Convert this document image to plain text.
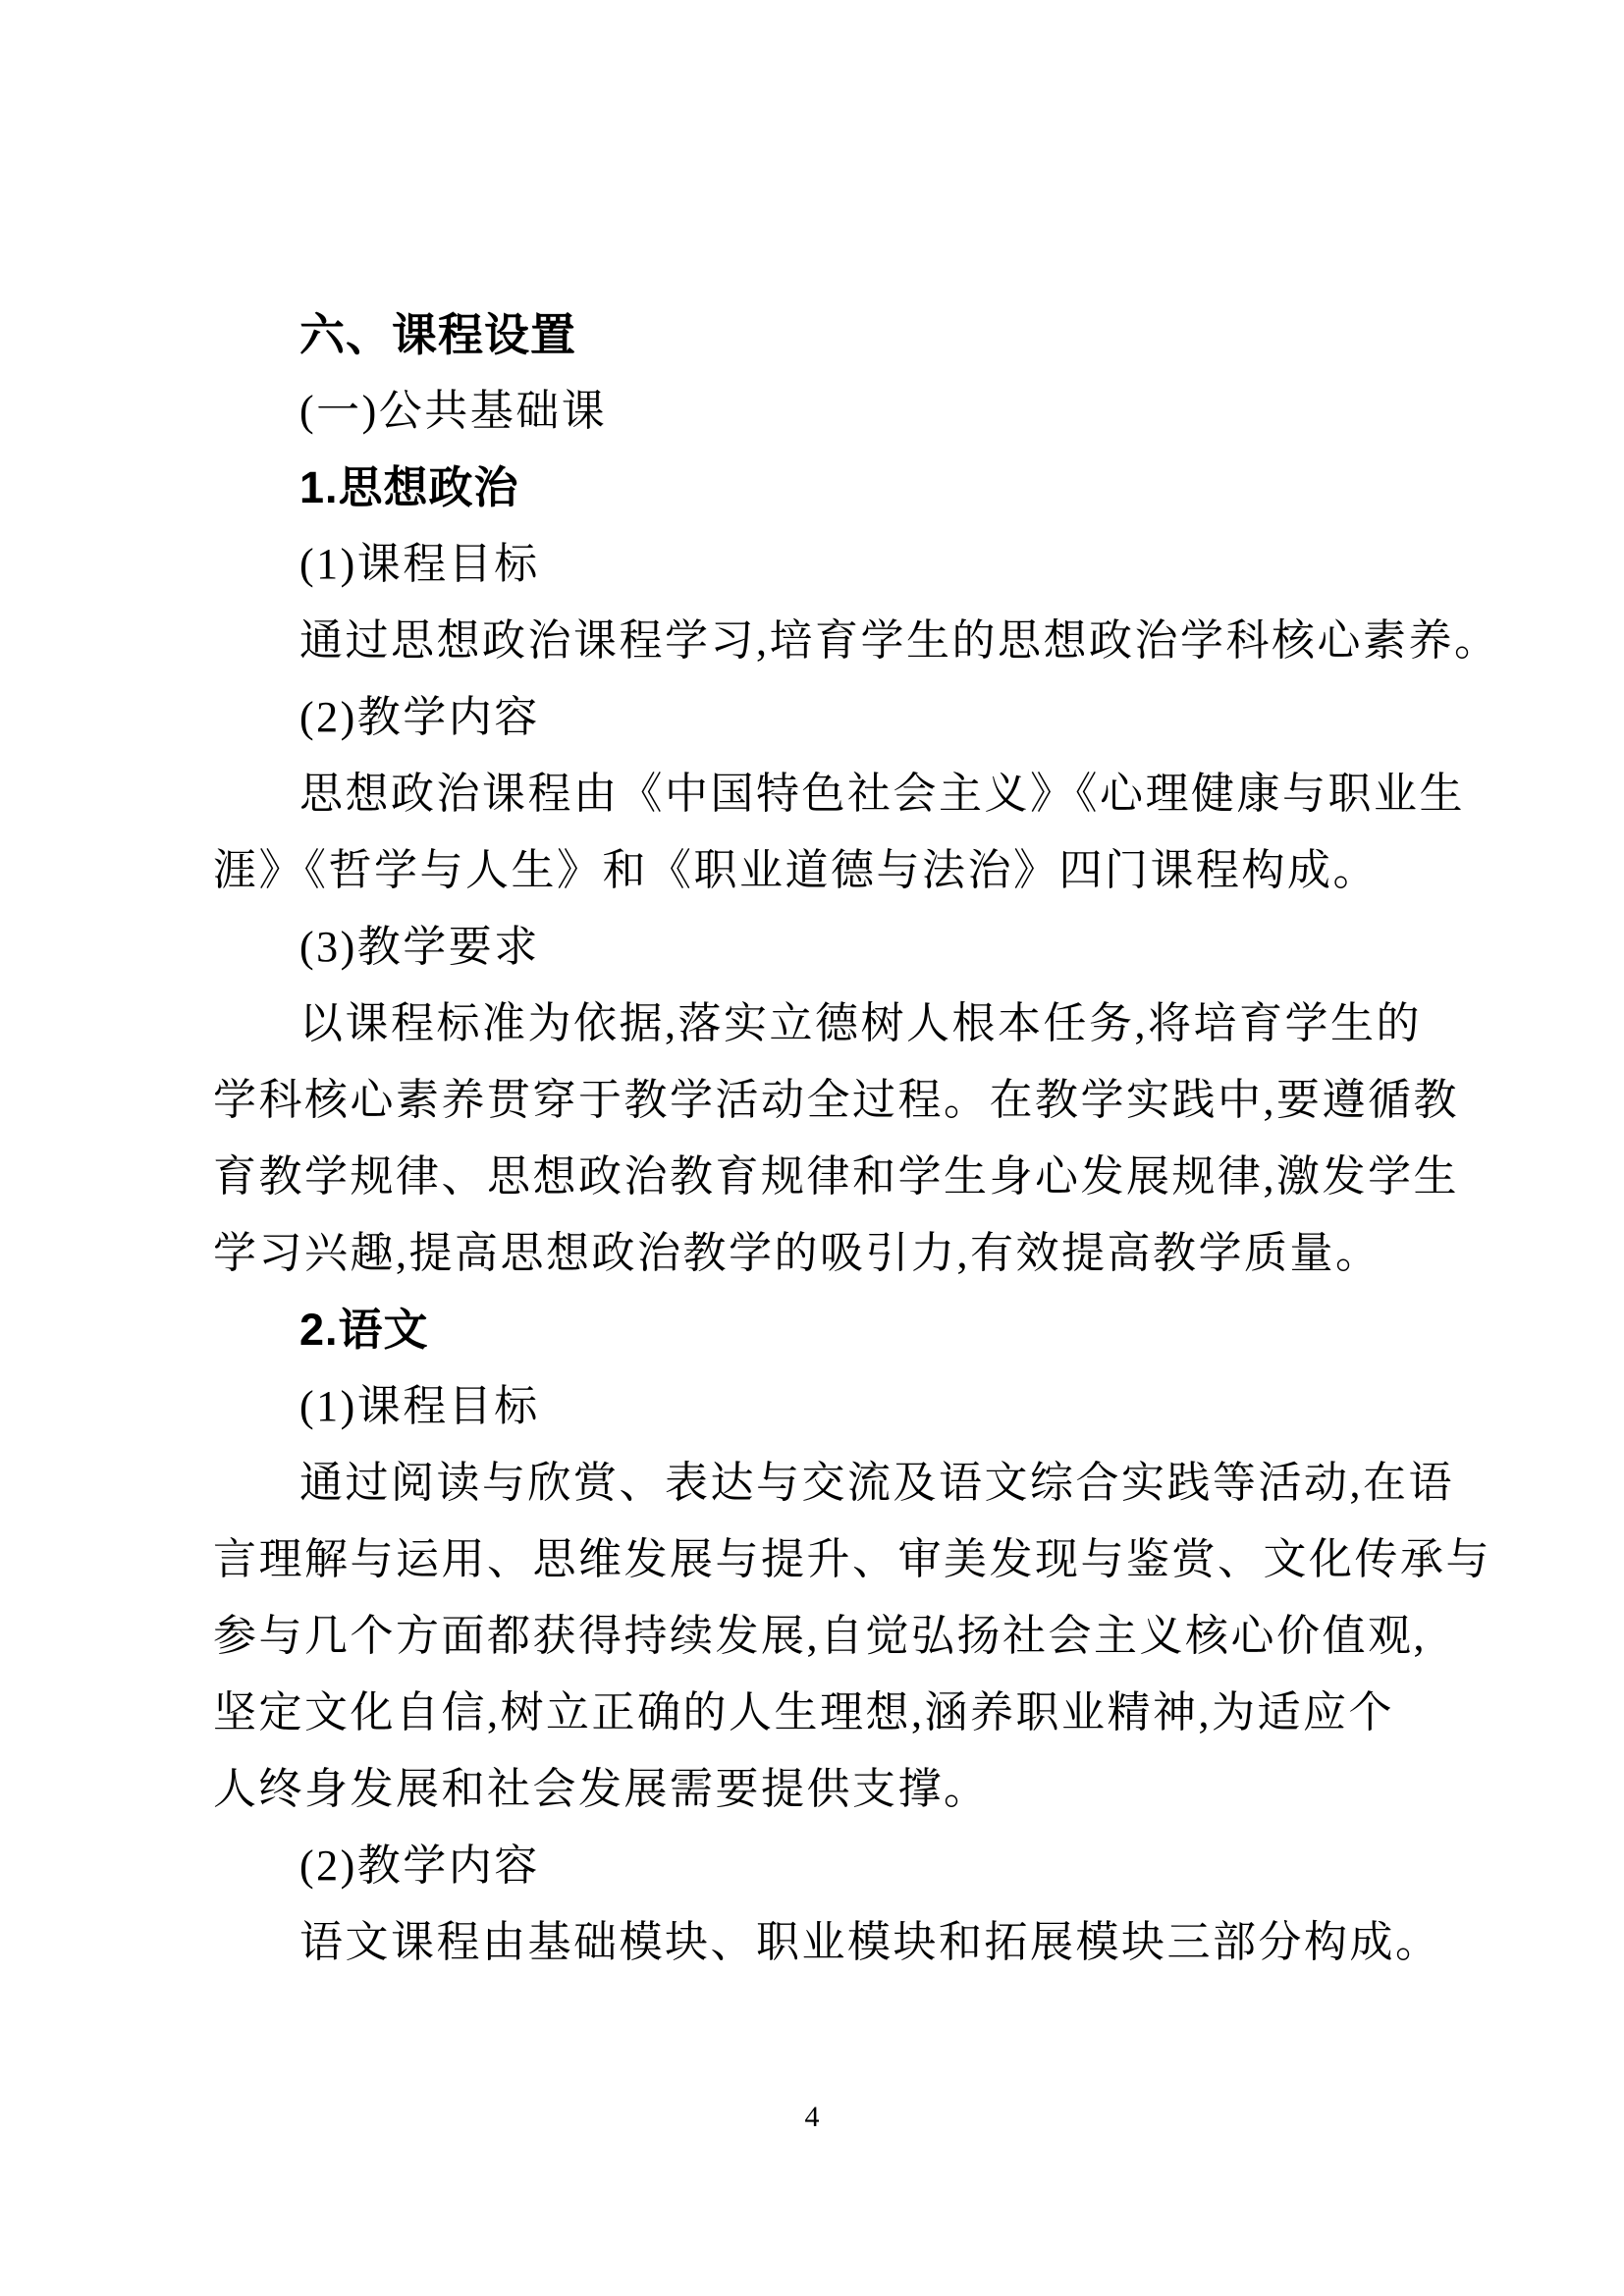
六、课程设置
(一)公共基础课
1.思想政治
(1)课程目标
通过思想政治课程学习,培育学生的思想政治学科核心素养。
(2)教学内容
思想政治课程由《中国特色社会主义》《心理健康与职业生
涯》《哲学与人生》和《职业道德与法治》四门课程构成。
(3)教学要求
以课程标准为依据,落实立德树人根本任务,将培育学生的
学科核心素养贯穿于教学活动全过程。在教学实践中,要遵循教
育教学规律、思想政治教育规律和学生身心发展规律,激发学生
学习兴趣,提高思想政治教学的吸引力,有效提高教学质量。
2.语文
(1)课程目标
通过阅读与欣赏、表达与交流及语文综合实践等活动,在语
言理解与运用、思维发展与提升、审美发现与鉴赏、文化传承与
参与几个方面都获得持续发展,自觉弘扬社会主义核心价值观,
坚定文化自信,树立正确的人生理想,涵养职业精神,为适应个
人终身发展和社会发展需要提供支撑。
(2)教学内容
语文课程由基础模块、职业模块和拓展模块三部分构成。
4
